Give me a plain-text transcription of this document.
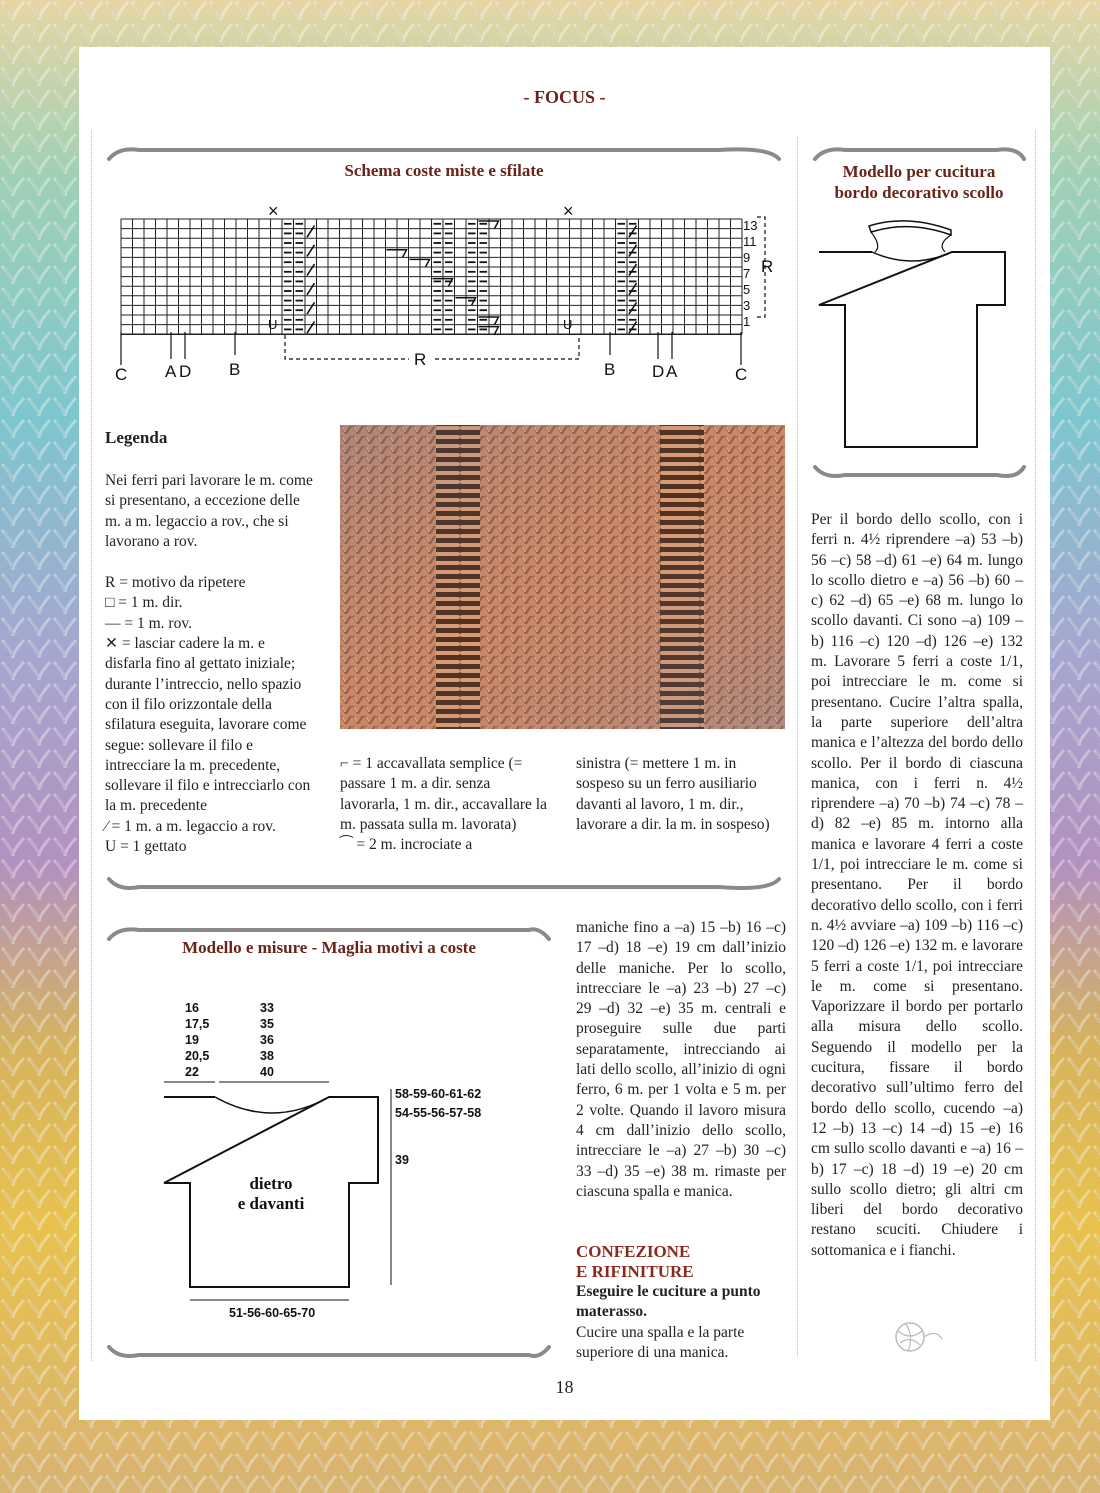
- FOCUS -
Schema coste miste e sfilate
13
11
9
7
5
3
1
R
R
×	×
C A D B	B D A	C
U	U
Legenda

Nei ferri pari lavorare le m. come si presentano, a eccezione delle m. a m. legaccio a rov., che si lavorano a rov.

R = motivo da ripetere

□ = 1 m. dir.

— = 1 m. rov.

✕ = lasciar cadere la m. e disfarla fino al gettato iniziale; durante l’intreccio, nello spazio con il filo orizzontale della sfilatura eseguita, lavorare come segue: sollevare il filo e intrecciare la m. precedente, sollevare il filo e intrecciarlo con la m. precedente

⁄ = 1 m. a m. legaccio a rov.

U = 1 gettato

⌐ = 1 accavallata semplice (= passare 1 m. a dir. senza lavorarla, 1 m. dir., accavallare la m. passata sulla m. lavorata)
⁀ = 2 m. incrociate a
sinistra (= mettere 1 m. in sospeso su un ferro ausiliario davanti al lavoro, 1 m. dir., lavorare a dir. la m. in sospeso)
Modello e misure - Maglia motivi a coste
16
17,5
19
20,5
22
33
35
36
38
40
58-59-60-61-62
54-55-56-57-58
39
51-56-60-65-70
dietro
e davanti
maniche fino a –a) 15 –b) 16 –c) 17 –d) 18 –e) 19 cm dall’inizio delle maniche. Per lo scollo, intrecciare le –a) 23 –b) 27 –c) 29 –d) 32 –e) 35 m. centrali e proseguire sulle due parti separatamente, intrecciando ai lati dello scollo, all’inizio di ogni ferro, 6 m. per 1 volta e 5 m. per 2 volte. Quando il lavoro misura 4 cm dall’inizio dello scollo, intrecciare le –a) 27 –b) 30 –c) 33 –d) 35 –e) 38 m. rimaste per ciascuna spalla e manica.
CONFEZIONE
E RIFINITURE
Eseguire le cuciture a punto materasso.
Cucire una spalla e la parte superiore di una manica.
Modello per cucitura
bordo decorativo scollo
Per il bordo dello scollo, con i ferri n. 4½ riprendere –a) 53 –b) 56 –c) 58 –d) 61 –e) 64 m. lungo lo scollo dietro e –a) 56 –b) 60 –c) 62 –d) 65 –e) 68 m. lungo lo scollo davanti. Ci sono –a) 109 –b) 116 –c) 120 –d) 126 –e) 132 m. Lavorare 5 ferri a coste 1/1, poi intrecciare le m. come si presentano. Cucire l’altra spalla, la parte superiore dell’altra manica e l’altezza del bordo dello scollo. Per il bordo di ciascuna manica, con i ferri n. 4½ riprendere –a) 70 –b) 74 –c) 78 –d) 82 –e) 85 m. intorno alla manica e lavorare 4 ferri a coste 1/1, poi intrecciare le m. come si presentano. Per il bordo decorativo dello scollo, con i ferri n. 4½ avviare –a) 109 –b) 116 –c) 120 –d) 126 –e) 132 m. e lavorare 5 ferri a coste 1/1, poi intrecciare le m. come si presentano. Vaporizzare il bordo per portarlo alla misura dello scollo. Seguendo il modello per la cucitura, fissare il bordo decorativo sull’ultimo ferro del bordo dello scollo, cucendo –a) 12 –b) 13 –c) 14 –d) 15 –e) 16 cm sullo scollo davanti e –a) 16 –b) 17 –c) 18 –d) 19 –e) 20 cm sullo scollo dietro; gli altri cm liberi del bordo decorativo restano scuciti. Chiudere i sottomanica e i fianchi.
18
